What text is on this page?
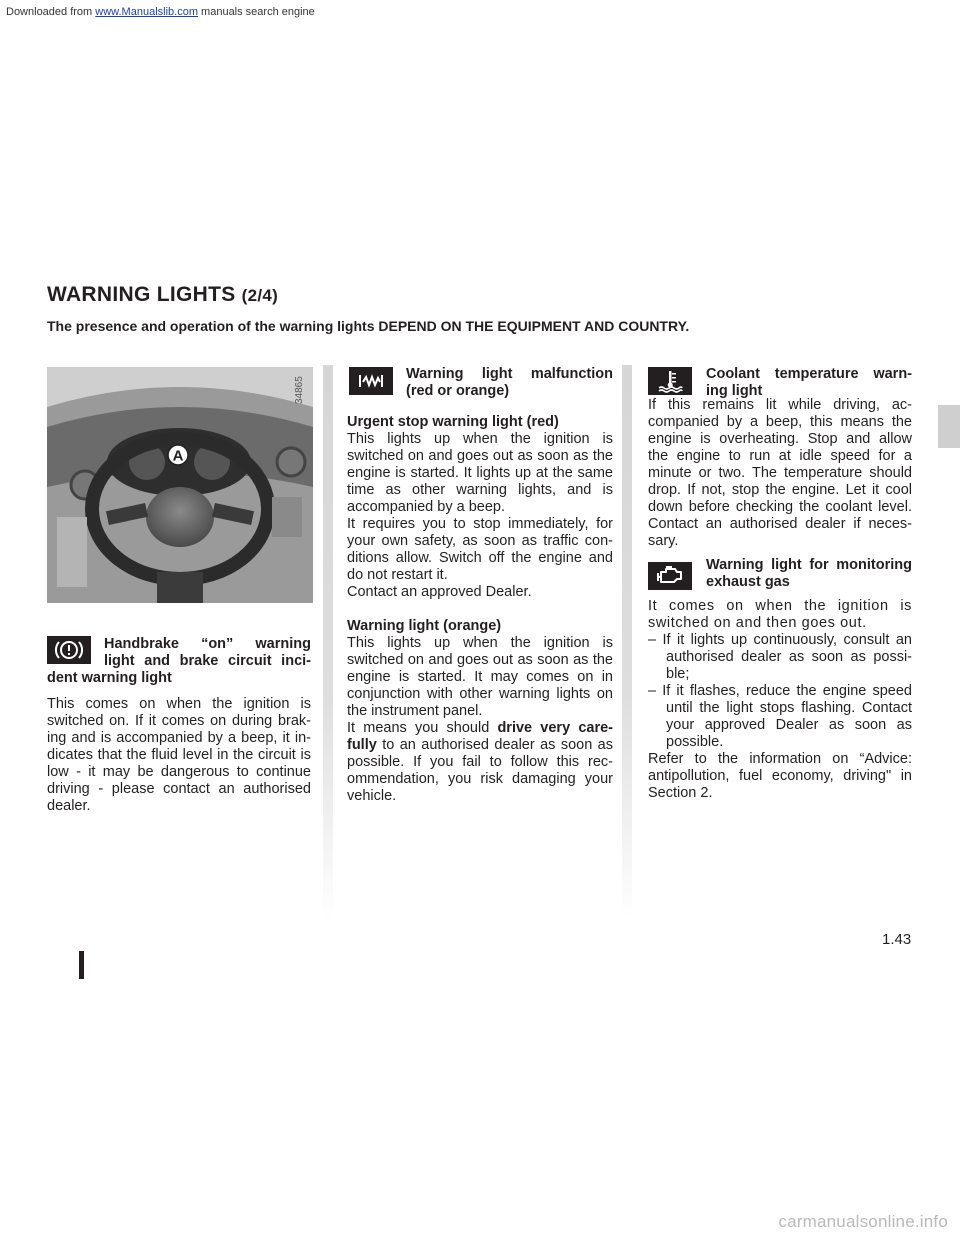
Downloaded from www.Manualslib.com manuals search engine
WARNING LIGHTS (2/4)
The presence and operation of the warning lights DEPEND ON THE EQUIPMENT AND COUNTRY.
A
34865
Handbrake “on” warning
light and brake circuit inci-
dent warning light
This comes on when the ignition is switched on. If it comes on during brak-ing and is accompanied by a beep, it in-dicates that the fluid level in the circuit is low - it may be dangerous to continue driving - please contact an authorised dealer.
Warning light malfunction
(red or orange)

Urgent stop warning light (red)

This lights up when the ignition is switched on and goes out as soon as the engine is started. It lights up at the same time as other warning lights, and is accompanied by a beep.

It requires you to stop immediately, for your own safety, as soon as traffic con-ditions allow. Switch off the engine and do not restart it.

Contact an approved Dealer.

Warning light (orange)

This lights up when the ignition is switched on and goes out as soon as the engine is started. It may comes on in conjunction with other warning lights on the instrument panel.

It means you should drive very care-fully to an authorised dealer as soon as possible. If you fail to follow this rec-ommendation, you risk damaging your vehicle.

Coolant temperature warn-
ing light
If this remains lit while driving, ac-companied by a beep, this means the engine is overheating. Stop and allow the engine to run at idle speed for a minute or two. The temperature should drop. If not, stop the engine. Let it cool down before checking the coolant level. Contact an authorised dealer if neces-sary.
Warning light for monitoring
exhaust gas

It comes on when the ignition is switched on and then goes out.

– If it lights up continuously, consult an authorised dealer as soon as possi-ble;

– If it flashes, reduce the engine speed until the light stops flashing. Contact your approved Dealer as soon as possible.

Refer to the information on “Advice: antipollution, fuel economy, driving" in Section 2.

1.43
carmanualsonline.info
